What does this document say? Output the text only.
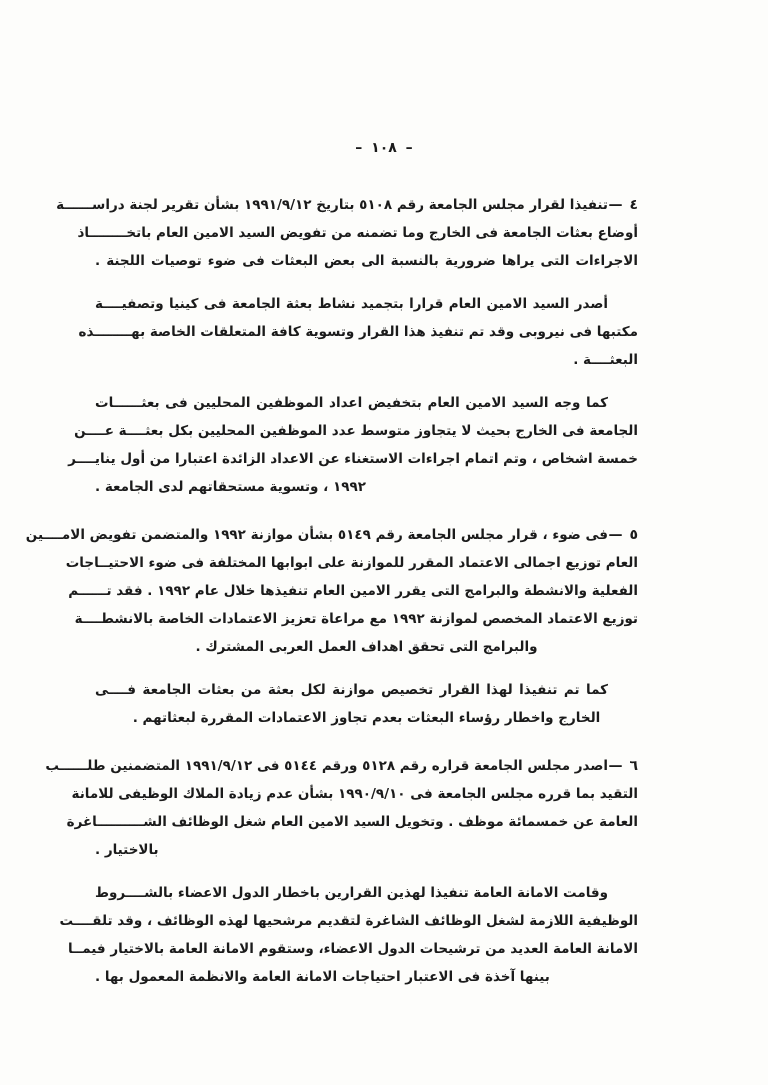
– ١٠٨ –
٤—
تنفيذا لقرار مجلس الجامعة رقم ٥١٠٨ بتاريخ ١٩٩١/٩/١٢ بشأن تقرير لجنة دراســــــة
أوضاع بعثات الجامعة فى الخارج وما تضمنه من تفويض السيد الامين العام باتخــــــــاذ
الاجراءات التى يراها ضرورية بالنسبة الى بعض البعثات فى ضوء توصيات اللجنة .
أصدر السيد الامين العام قرارا بتجميد نشاط بعثة الجامعة فى كينيا وتصفيــــة
مكتبها فى نيروبى وقد تم تنفيذ هذا القرار وتسوية كافة المتعلقات الخاصة بهــــــــذه
البعثــــة .
كما وجه السيد الامين العام بتخفيض اعداد الموظفين المحليين فى بعثــــــات
الجامعة فى الخارج بحيث لا يتجاوز متوسط عدد الموظفين المحليين بكل بعثــــة عــــن
خمسة اشخاص ، وتم اتمام اجراءات الاستغناء عن الاعداد الزائدة اعتبارا من أول ينايــــر
١٩٩٢ ، وتسوية مستحقاتهم لدى الجامعة .
٥—
فى ضوء ، قرار مجلس الجامعة رقم ٥١٤٩ بشأن موازنة ١٩٩٢ والمتضمن تفويض الامــــين
العام توزيع اجمالى الاعتماد المقرر للموازنة على ابوابها المختلفة فى ضوء الاحتيــاجات
الفعلية والانشطة والبرامج التى يقرر الامين العام تنفيذها خلال عام ١٩٩٢ . فقد تــــــم
توزيع الاعتماد المخصص لموازنة ١٩٩٢ مع مراعاة تعزيز الاعتمادات الخاصة بالانشطــــة
والبرامج التى تحقق اهداف العمل العربى المشترك .
كما تم تنفيذا لهذا القرار تخصيص موازنة لكل بعثة من بعثات الجامعة فــــى
الخارج واخطار رؤساء البعثات بعدم تجاوز الاعتمادات المقررة لبعثاتهم .
٦—
اصدر مجلس الجامعة قراره رقم ٥١٢٨ ورقم ٥١٤٤ فى ١٩٩١/٩/١٢ المتضمنين طلــــــب
التقيد بما قرره مجلس الجامعة فى ١٩٩٠/٩/١٠ بشأن عدم زيادة الملاك الوظيفى للامانة
العامة عن خمسمائة موظف . وتخويل السيد الامين العام شغل الوظائف الشــــــــــاغرة
بالاختيار .
وقامت الامانة العامة تنفيذا لهذين القرارين باخطار الدول الاعضاء بالشــــروط
الوظيفية اللازمة لشغل الوظائف الشاغرة لتقديم مرشحيها لهذه الوظائف ، وقد تلقــــت
الامانة العامة العديد من ترشيحات الدول الاعضاء، وستقوم الامانة العامة بالاختيار فيمــا
بينها آخذة فى الاعتبار احتياجات الامانة العامة والانظمة المعمول بها .
